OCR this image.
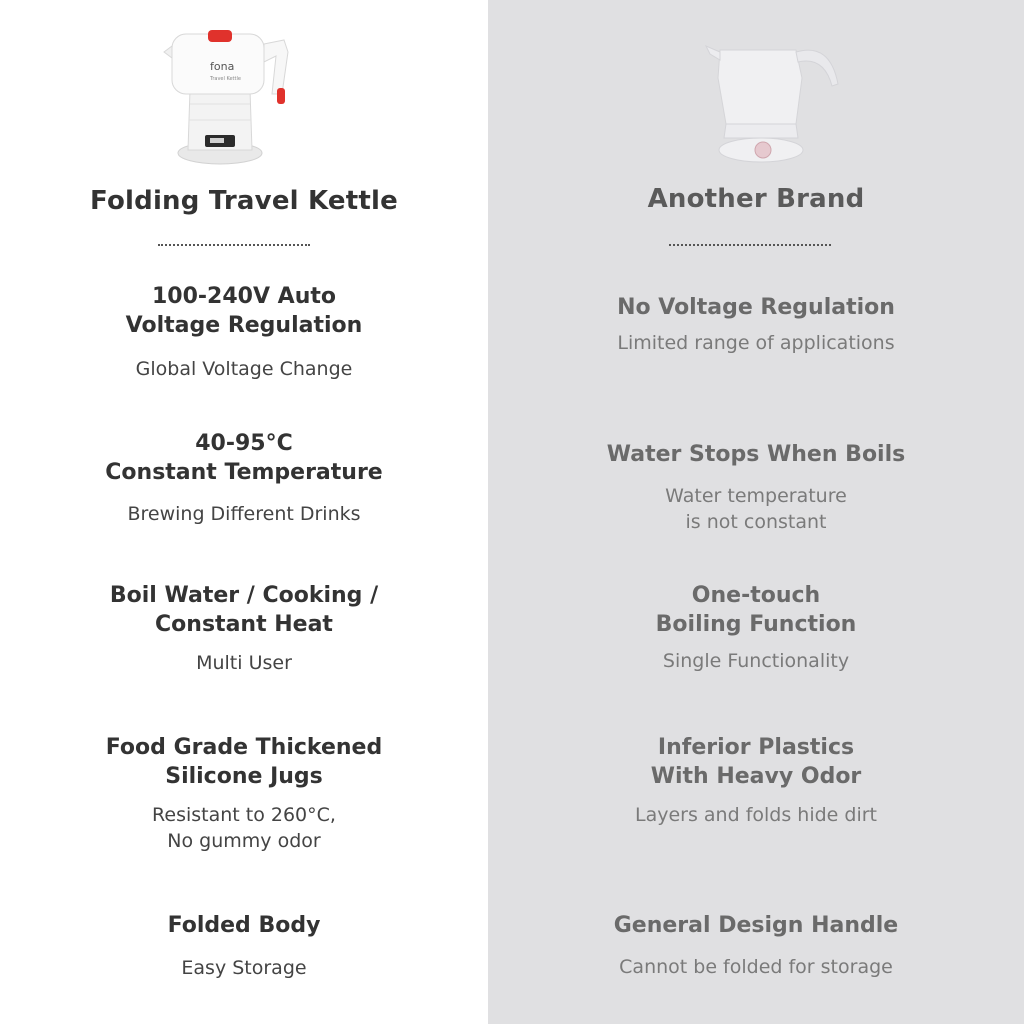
fona
Travel Kettle
Folding Travel Kettle
100-240V Auto
Voltage Regulation
Global Voltage Change
40-95°C
Constant Temperature
Brewing Different Drinks
Boil Water / Cooking /
Constant Heat
Multi User
Food Grade Thickened
Silicone Jugs
Resistant to 260°C,
No gummy odor
Folded Body
Easy Storage
Another Brand
No Voltage Regulation
Limited range of applications
Water Stops When Boils
Water temperature
is not constant
One-touch
Boiling Function
Single Functionality
Inferior Plastics
With Heavy Odor
Layers and folds hide dirt
General Design Handle
Cannot be folded for storage
